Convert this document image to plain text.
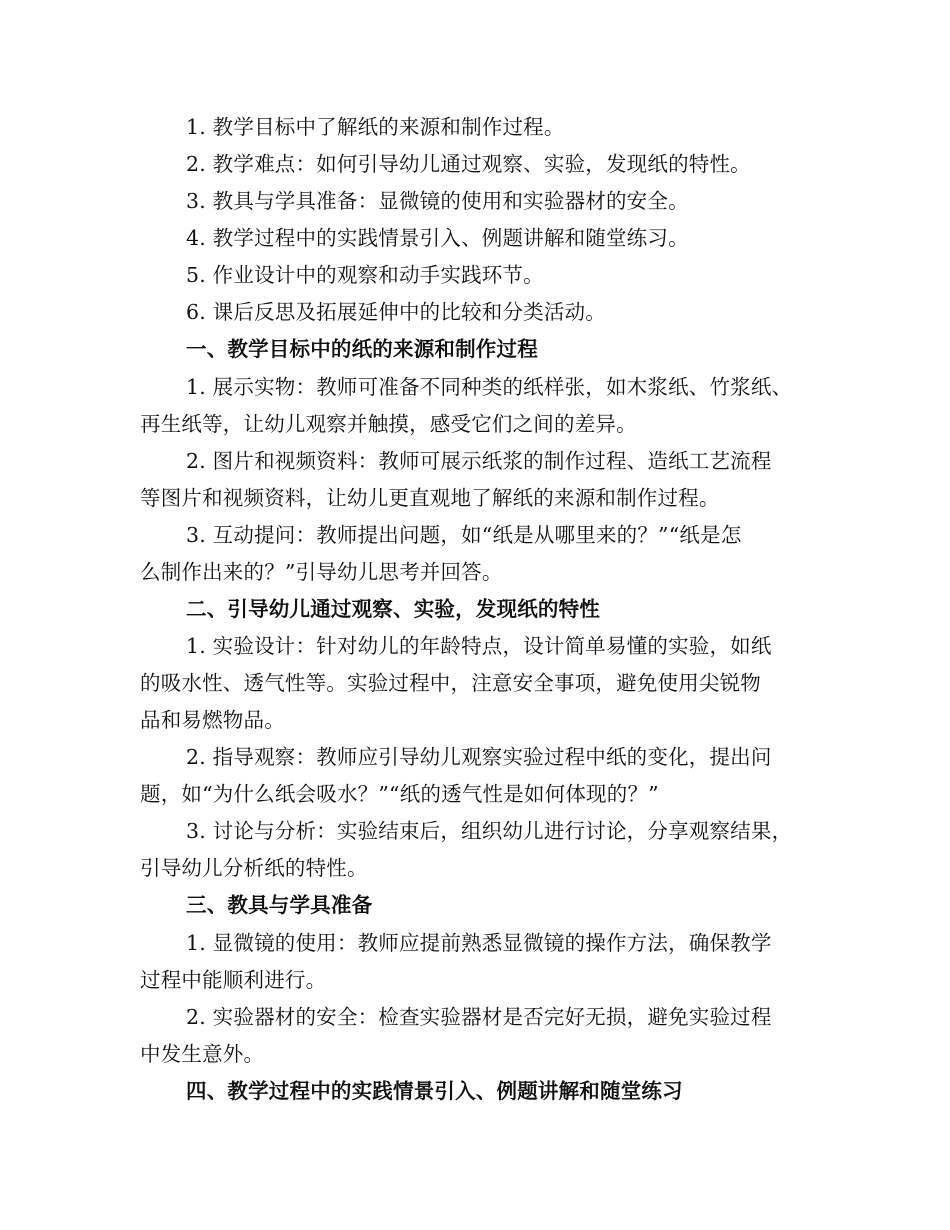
1. 教学目标中了解纸的来源和制作过程。
2. 教学难点：如何引导幼儿通过观察、实验，发现纸的特性。
3. 教具与学具准备：显微镜的使用和实验器材的安全。
4. 教学过程中的实践情景引入、例题讲解和随堂练习。
5. 作业设计中的观察和动手实践环节。
6. 课后反思及拓展延伸中的比较和分类活动。
一、教学目标中的纸的来源和制作过程
1. 展示实物：教师可准备不同种类的纸样张，如木浆纸、竹浆纸、
再生纸等，让幼儿观察并触摸，感受它们之间的差异。
2. 图片和视频资料：教师可展示纸浆的制作过程、造纸工艺流程
等图片和视频资料，让幼儿更直观地了解纸的来源和制作过程。
3. 互动提问：教师提出问题，如“纸是从哪里来的？”“纸是怎
么制作出来的？”引导幼儿思考并回答。
二、引导幼儿通过观察、实验，发现纸的特性
1. 实验设计：针对幼儿的年龄特点，设计简单易懂的实验，如纸
的吸水性、透气性等。实验过程中，注意安全事项，避免使用尖锐物
品和易燃物品。
2. 指导观察：教师应引导幼儿观察实验过程中纸的变化，提出问
题，如“为什么纸会吸水？”“纸的透气性是如何体现的？”
3. 讨论与分析：实验结束后，组织幼儿进行讨论，分享观察结果，
引导幼儿分析纸的特性。
三、教具与学具准备
1. 显微镜的使用：教师应提前熟悉显微镜的操作方法，确保教学
过程中能顺利进行。
2. 实验器材的安全：检查实验器材是否完好无损，避免实验过程
中发生意外。
四、教学过程中的实践情景引入、例题讲解和随堂练习
